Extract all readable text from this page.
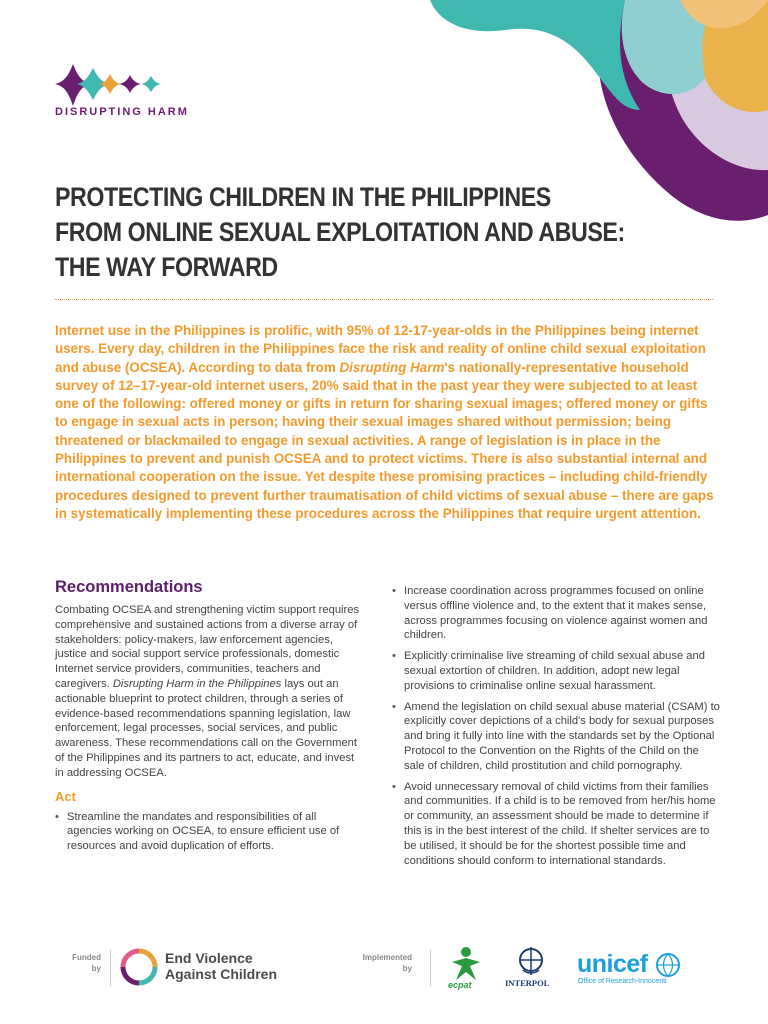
DISRUPTING HARM
PROTECTING CHILDREN IN THE PHILIPPINES
FROM ONLINE SEXUAL EXPLOITATION AND ABUSE:
THE WAY FORWARD

Internet use in the Philippines is prolific, with 95% of 12-17-year-olds in the Philippines being internet users. Every day, children in the Philippines face the risk and reality of online child sexual exploitation and abuse (OCSEA). According to data from Disrupting Harm's nationally-representative household survey of 12–17-year-old internet users, 20% said that in the past year they were subjected to at least one of the following: offered money or gifts in return for sharing sexual images; offered money or gifts to engage in sexual acts in person; having their sexual images shared without permission; being threatened or blackmailed to engage in sexual activities. A range of legislation is in place in the Philippines to prevent and punish OCSEA and to protect victims. There is also substantial internal and international cooperation on the issue. Yet despite these promising practices – including child-friendly procedures designed to prevent further traumatisation of child victims of sexual abuse – there are gaps in systematically implementing these procedures across the Philippines that require urgent attention.

Recommendations

Combating OCSEA and strengthening victim support requires comprehensive and sustained actions from a diverse array of stakeholders: policy-makers, law enforcement agencies, justice and social support service professionals, domestic Internet service providers, communities, teachers and caregivers. Disrupting Harm in the Philippines lays out an actionable blueprint to protect children, through a series of evidence-based recommendations spanning legislation, law enforcement, legal processes, social services, and public awareness. These recommendations call on the Government of the Philippines and its partners to act, educate, and invest in addressing OCSEA.

Act
• Streamline the mandates and responsibilities of all agencies working on OCSEA, to ensure efficient use of resources and avoid duplication of efforts.
• Increase coordination across programmes focused on online versus offline violence and, to the extent that it makes sense, across programmes focusing on violence against women and children.
• Explicitly criminalise live streaming of child sexual abuse and sexual extortion of children. In addition, adopt new legal provisions to criminalise online sexual harassment.
• Amend the legislation on child sexual abuse material (CSAM) to explicitly cover depictions of a child's body for sexual purposes and bring it fully into line with the standards set by the Optional Protocol to the Convention on the Rights of the Child on the sale of children, child prostitution and child pornography.
• Avoid unnecessary removal of child victims from their families and communities. If a child is to be removed from her/his home or community, an assessment should be made to determine if this is in the best interest of the child. If shelter services are to be utilised, it should be for the shortest possible time and conditions should conform to international standards.
Funded
by
End Violence
Against Children
Implemented
by
ecpat	INTERPOL
unicef
Office of Research-Innocenti
